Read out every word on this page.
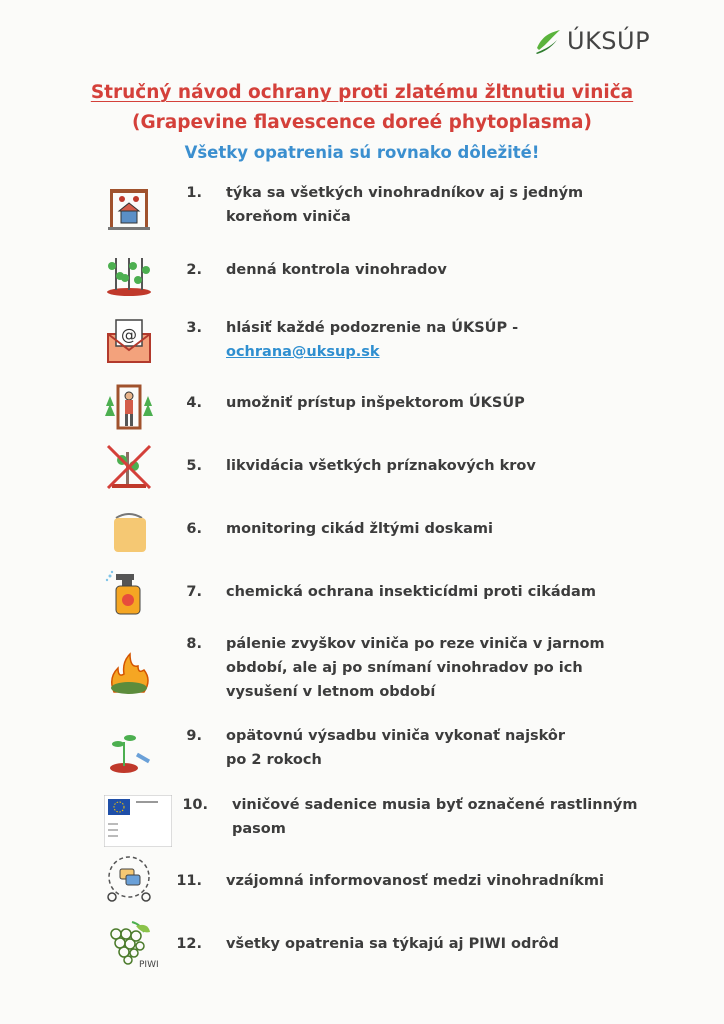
ÚKSÚP
Stručný návod ochrany proti zlatému žltnutiu viniča
(Grapevine flavescence doreé phytoplasma)
Všetky opatrenia sú rovnako dôležité!
1. týka sa všetkých vinohradníkov aj s jedným
koreňom viniča
2. denná kontrola vinohradov
@	3. hlásiť každé podozrenie na ÚKSÚP -
ochrana@uksup.sk
4. umožniť prístup inšpektorom ÚKSÚP
5. likvidácia všetkých príznakových krov
6. monitoring cikád žltými doskami
7. chemická ochrana insekticídmi proti cikádam
8. pálenie zvyškov viniča po reze viniča v jarnom
období, ale aj po snímaní vinohradov po ich
vysušení v letnom období
9. opätovnú výsadbu viniča vykonať najskôr
po 2 rokoch
10. viničové sadenice musia byť označené rastlinným
pasom
11. vzájomná informovanosť medzi vinohradníkmi
PIWI
12. všetky opatrenia sa týkajú aj PIWI odrôd
